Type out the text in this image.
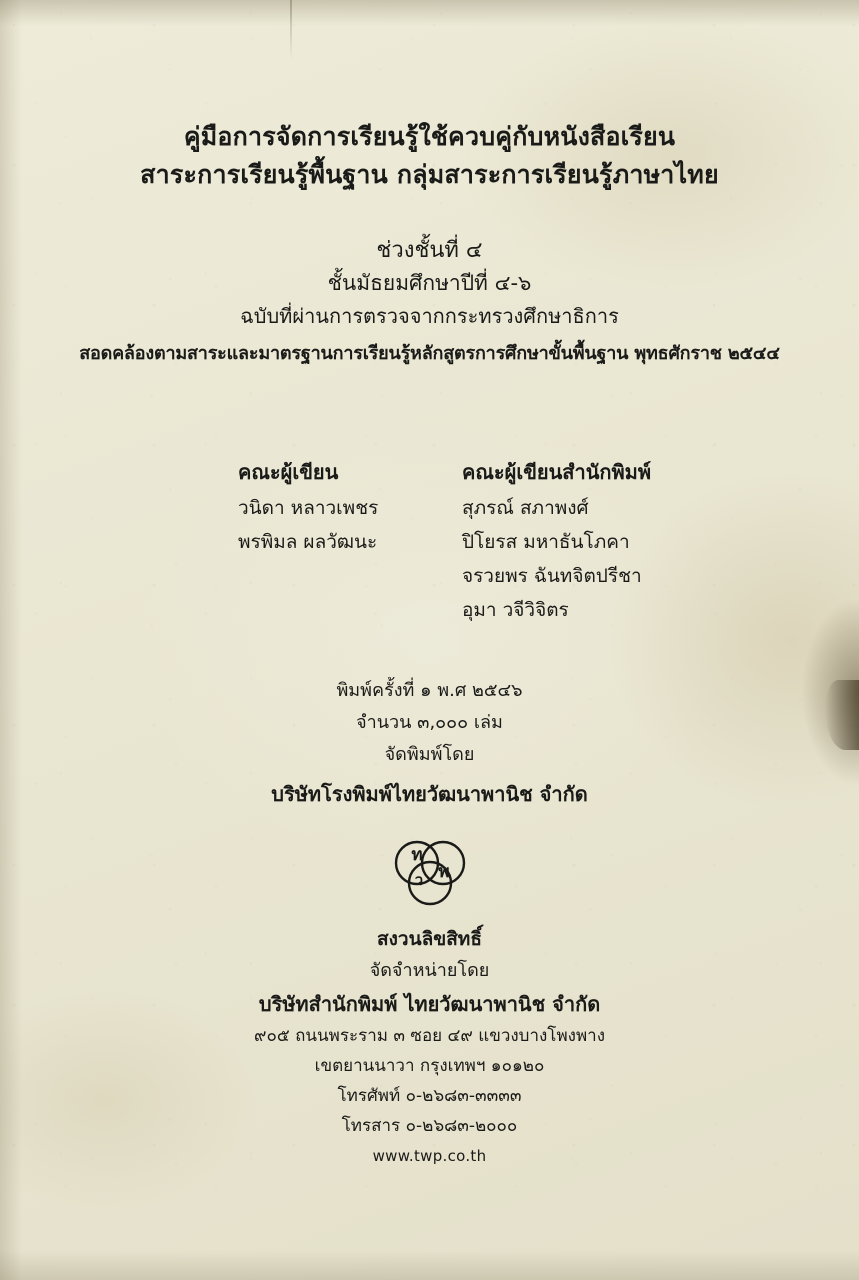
คู่มือการจัดการเรียนรู้ใช้ควบคู่กับหนังสือเรียน
สาระการเรียนรู้พื้นฐาน กลุ่มสาระการเรียนรู้ภาษาไทย
ช่วงชั้นที่ ๔
ชั้นมัธยมศึกษาปีที่ ๔-๖
ฉบับที่ผ่านการตรวจจากกระทรวงศึกษาธิการ
สอดคล้องตามสาระและมาตรฐานการเรียนรู้หลักสูตรการศึกษาขั้นพื้นฐาน พุทธศักราช ๒๕๔๔
คณะผู้เขียน
วนิดา หลาวเพชร
พรพิมล ผลวัฒนะ
คณะผู้เขียนสำนักพิมพ์
สุภรณ์ สภาพงศ์
ปิโยรส มหาธันโภคา
จรวยพร ฉันทจิตปรีชา
อุมา วจีวิจิตร
พิมพ์ครั้งที่ ๑ พ.ศ ๒๕๔๖
จำนวน ๓,๐๐๐ เล่ม
จัดพิมพ์โดย
บริษัทโรงพิมพ์ไทยวัฒนาพานิช จำกัด
ท
พ
ว
สงวนลิขสิทธิ์
จัดจำหน่ายโดย
บริษัทสำนักพิมพ์ ไทยวัฒนาพานิช จำกัด
๙๐๕ ถนนพระราม ๓ ซอย ๔๙ แขวงบางโพงพาง
เขตยานนาวา กรุงเทพฯ ๑๐๑๒๐
โทรศัพท์ ๐-๒๖๘๓-๓๓๓๓
โทรสาร ๐-๒๖๘๓-๒๐๐๐
www.twp.co.th
